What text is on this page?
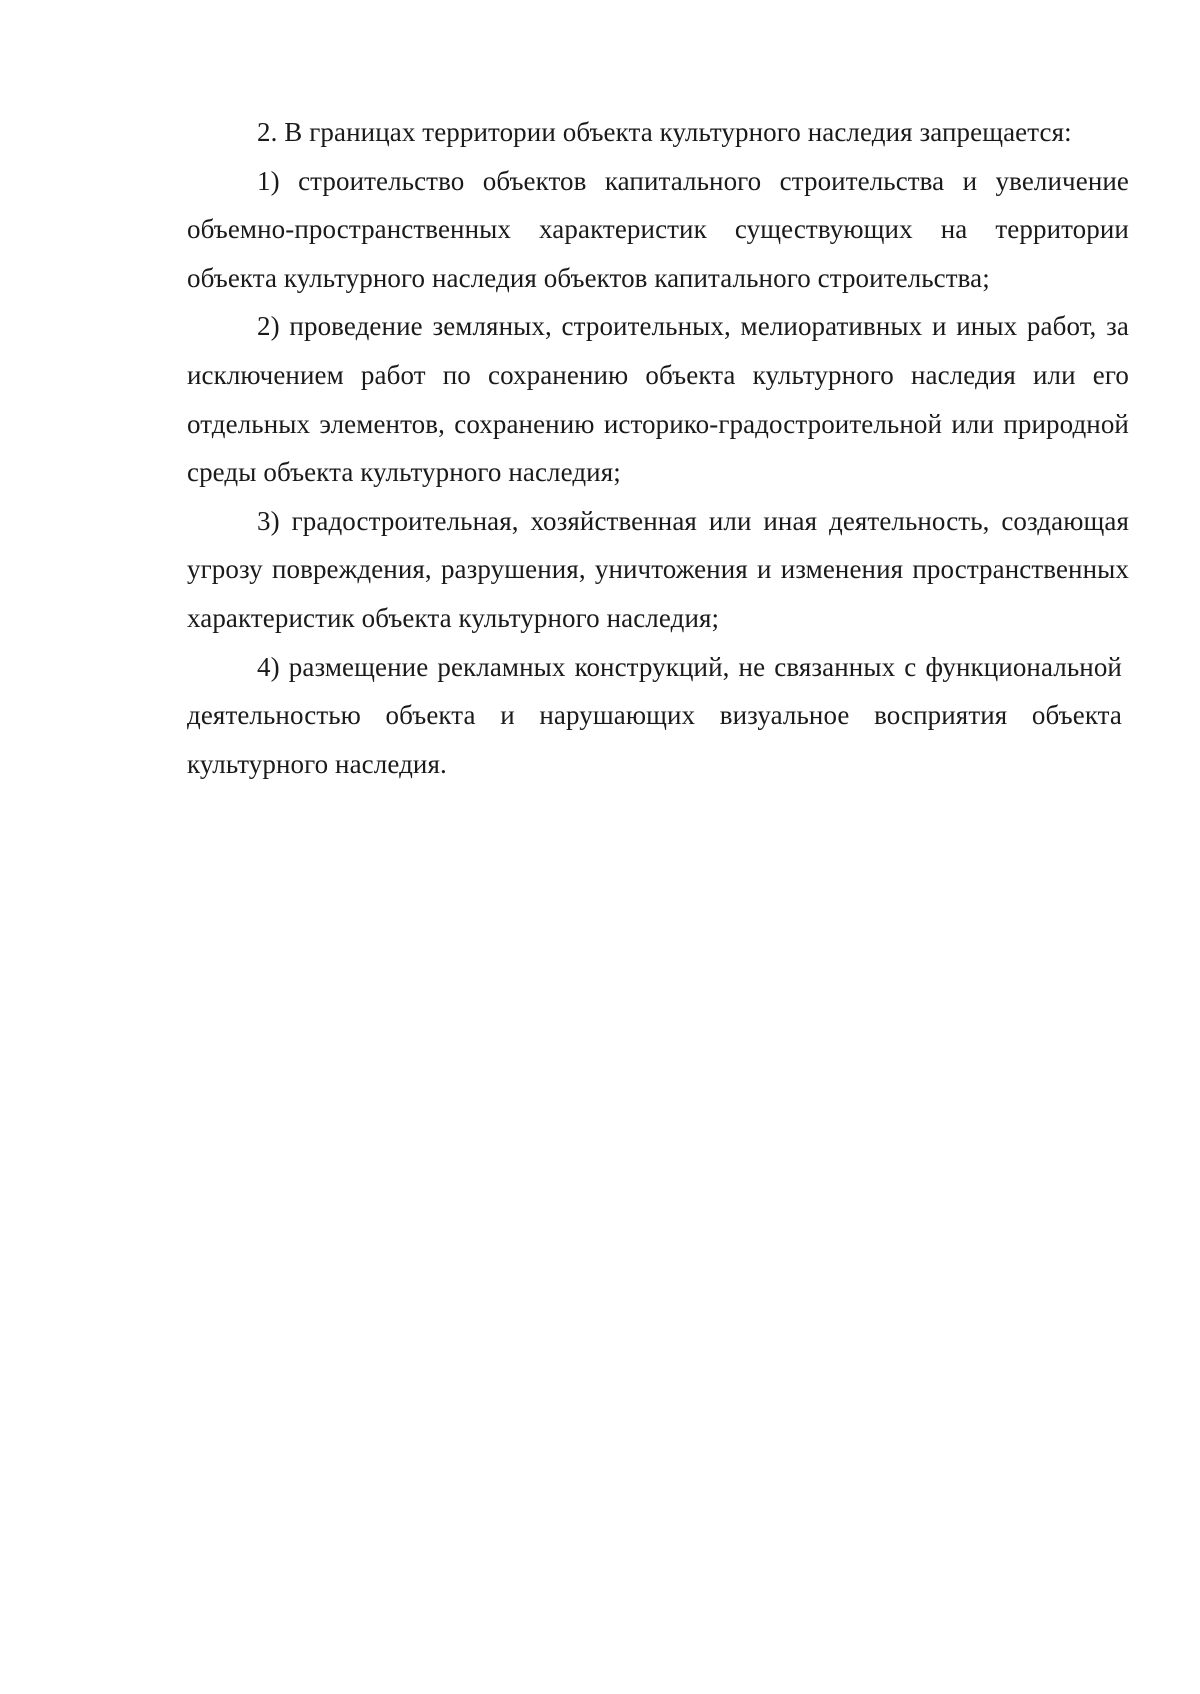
2. В границах территории объекта культурного наследия запрещается:

1) строительство объектов капитального строительства и увеличение объемно-пространственных характеристик существующих на территории объекта культурного наследия объектов капитального строительства;

2) проведение земляных, строительных, мелиоративных и иных работ, за исключением работ по сохранению объекта культурного наследия или его отдельных элементов, сохранению историко-градостроительной или природной среды объекта культурного наследия;

3) градостроительная, хозяйственная или иная деятельность, создающая угрозу повреждения, разрушения, уничтожения и изменения пространственных характеристик объекта культурного наследия;

4) размещение рекламных конструкций, не связанных с функциональной деятельностью объекта и нарушающих визуальное восприятия объекта культурного наследия.
